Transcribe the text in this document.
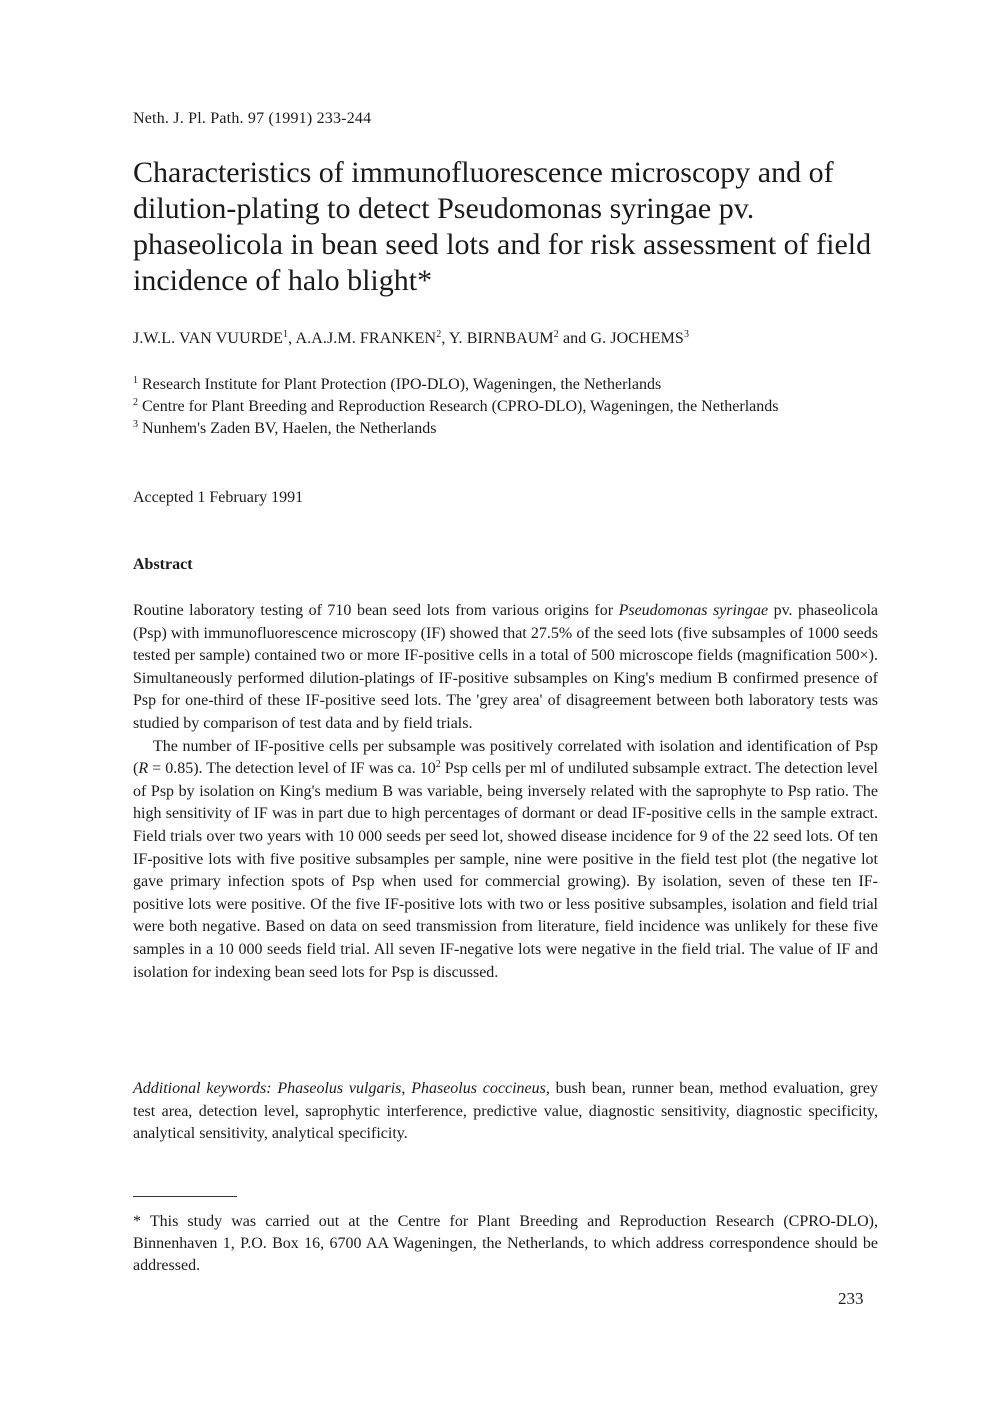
Neth. J. Pl. Path. 97 (1991) 233-244
Characteristics of immunofluorescence microscopy and of dilution-plating to detect Pseudomonas syringae pv. phaseolicola in bean seed lots and for risk assessment of field incidence of halo blight*
J.W.L. VAN VUURDE$^1$, A.A.J.M. FRANKEN$^2$, Y. BIRNBAUM$^2$ and G. JOCHEMS$^3$

$^1$ Research Institute for Plant Protection (IPO-DLO), Wageningen, the Netherlands

$^2$ Centre for Plant Breeding and Reproduction Research (CPRO-DLO), Wageningen, the Netherlands

$^3$ Nunhem's Zaden BV, Haelen, the Netherlands

Accepted 1 February 1991
Abstract

Routine laboratory testing of 710 bean seed lots from various origins for Pseudomonas syringae pv. phaseolicola (Psp) with immunofluorescence microscopy (IF) showed that 27.5% of the seed lots (five subsamples of 1000 seeds tested per sample) contained two or more IF-positive cells in a total of 500 microscope fields (magnification 500×). Simultaneously performed dilution-platings of IF-positive subsamples on King's medium B confirmed presence of Psp for one-third of these IF-positive seed lots. The 'grey area' of disagreement between both laboratory tests was studied by comparison of test data and by field trials.

The number of IF-positive cells per subsample was positively correlated with isolation and identification of Psp (R = 0.85). The detection level of IF was ca. $10^2$ Psp cells per ml of undiluted subsample extract. The detection level of Psp by isolation on King's medium B was variable, being inversely related with the saprophyte to Psp ratio. The high sensitivity of IF was in part due to high percentages of dormant or dead IF-positive cells in the sample extract. Field trials over two years with 10 000 seeds per seed lot, showed disease incidence for 9 of the 22 seed lots. Of ten IF-positive lots with five positive subsamples per sample, nine were positive in the field test plot (the negative lot gave primary infection spots of Psp when used for commercial growing). By isolation, seven of these ten IF-positive lots were positive. Of the five IF-positive lots with two or less positive subsamples, isolation and field trial were both negative. Based on data on seed transmission from literature, field incidence was unlikely for these five samples in a 10 000 seeds field trial. All seven IF-negative lots were negative in the field trial. The value of IF and isolation for indexing bean seed lots for Psp is discussed.

Additional keywords: Phaseolus vulgaris, Phaseolus coccineus, bush bean, runner bean, method evaluation, grey test area, detection level, saprophytic interference, predictive value, diagnostic sensitivity, diagnostic specificity, analytical sensitivity, analytical specificity.

* This study was carried out at the Centre for Plant Breeding and Reproduction Research (CPRO-DLO), Binnenhaven 1, P.O. Box 16, 6700 AA Wageningen, the Netherlands, to which address correspondence should be addressed.

233
